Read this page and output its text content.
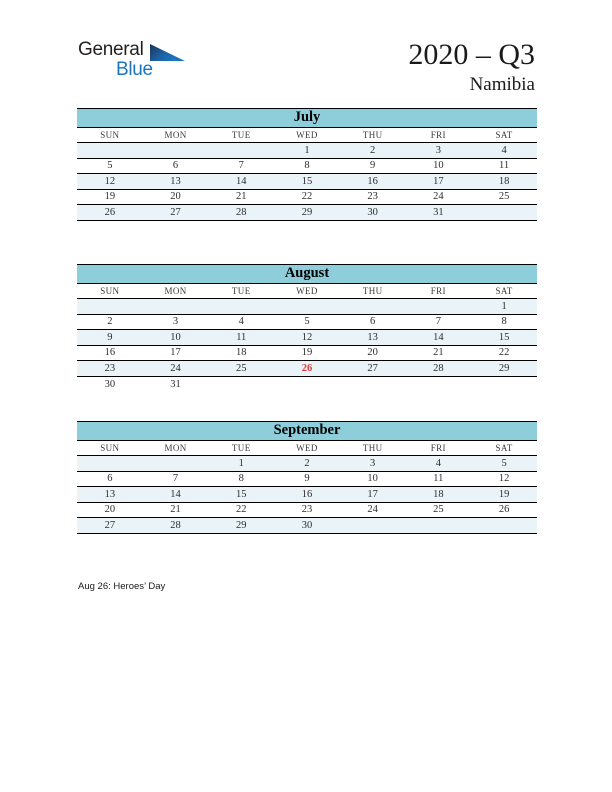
General
Blue	2020 – Q3
Namibia
July						
SUN	MON	TUE	WED	THU	FRI	SAT
			1	2	3	4
5	6	7	8	9	10	11
12	13	14	15	16	17	18
19	20	21	22	23	24	25
26	27	28	29	30	31	
August						
SUN	MON	TUE	WED	THU	FRI	SAT
						1
2	3	4	5	6	7	8
9	10	11	12	13	14	15
16	17	18	19	20	21	22
23	24	25	26	27	28	29
30	31					
September						
SUN	MON	TUE	WED	THU	FRI	SAT
		1	2	3	4	5
6	7	8	9	10	11	12
13	14	15	16	17	18	19
20	21	22	23	24	25	26
27	28	29	30			
Aug 26: Heroes’ Day
